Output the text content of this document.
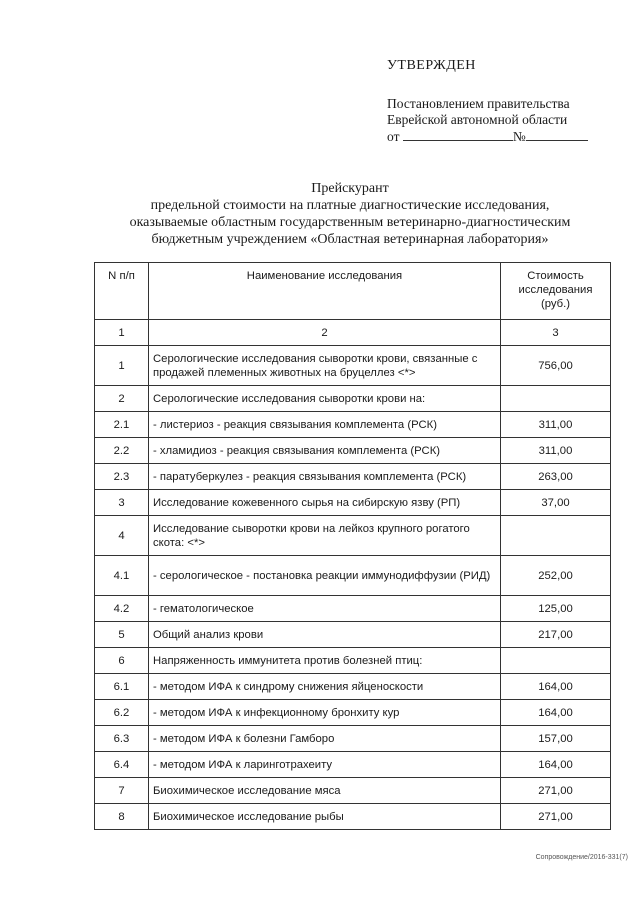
УТВЕРЖДЕН
Постановлением правительства
Еврейской автономной области
от	№
Прейскурант
предельной стоимости на платные диагностические исследования,
оказываемые областным государственным ветеринарно-диагностическим
бюджетным учреждением «Областная ветеринарная лаборатория»
N п/п	Наименование исследования	Стоимость исследования (руб.)
1	2	3
1	Серологические исследования сыворотки крови, связанные с продажей племенных животных на бруцеллез <*>	756,00
2	Серологические исследования сыворотки крови на:	
2.1	- листериоз - реакция связывания комплемента (РСК)	311,00
2.2	- хламидиоз - реакция связывания комплемента (РСК)	311,00
2.3	- паратуберкулез - реакция связывания комплемента (РСК)	263,00
3	Исследование кожевенного сырья на сибирскую язву (РП)	37,00
4	Исследование сыворотки крови на лейкоз крупного рогатого скота: <*>	
4.1	- серологическое - постановка реакции иммунодиффузии (РИД)	252,00
4.2	- гематологическое	125,00
5	Общий анализ крови	217,00
6	Напряженность иммунитета против болезней птиц:	
6.1	- методом ИФА к синдрому снижения яйценоскости	164,00
6.2	- методом ИФА к инфекционному бронхиту кур	164,00
6.3	- методом ИФА к болезни Гамборо	157,00
6.4	- методом ИФА к ларинготрахеиту	164,00
7	Биохимическое исследование мяса	271,00
8	Биохимическое исследование рыбы	271,00
Сопровождение/2016-331(7)
